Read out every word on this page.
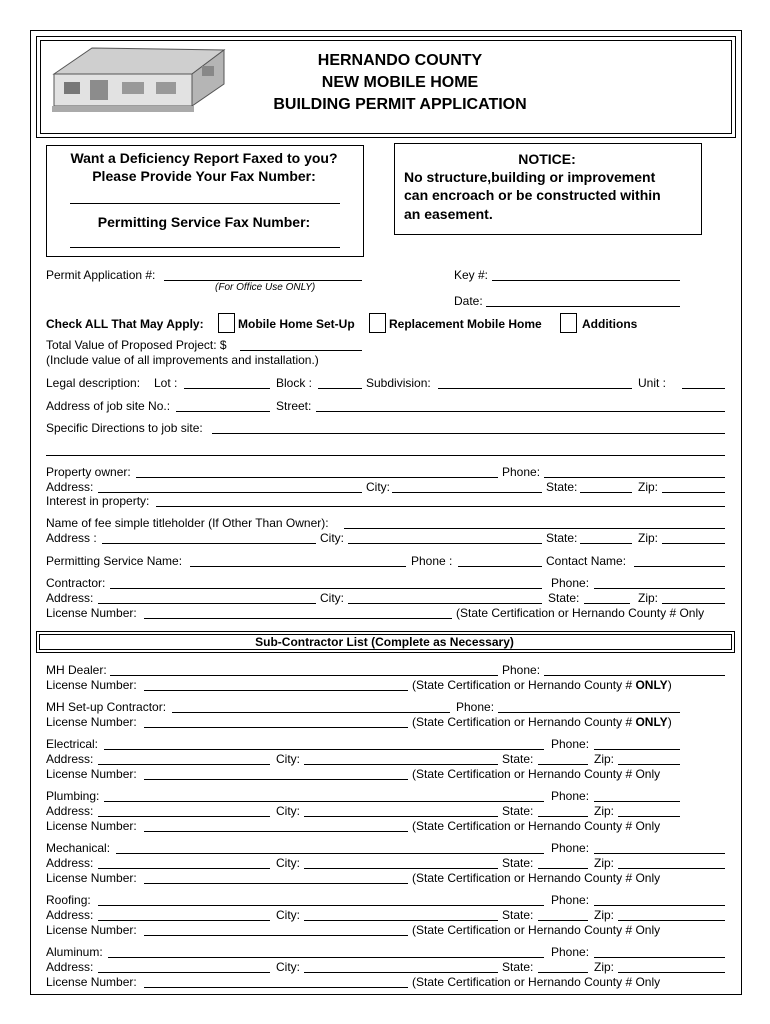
HERNANDO COUNTY
NEW MOBILE HOME
BUILDING PERMIT APPLICATION
Want a Deficiency Report Faxed to you?
Please Provide Your Fax Number:
Permitting Service Fax Number:
NOTICE:
No structure,building or improvement
can encroach or be constructed within
an easement.
Permit Application #:
(For Office Use ONLY)
Key #:
Date:
Check ALL That May Apply:	Mobile Home Set-Up	Replacement Mobile Home	Additions
Total Value of Proposed Project: $
(Include value of all improvements and installation.)
Legal description: Lot :	Block :	Subdivision:	Unit :
Address of job site No.:	Street:
Specific Directions to job site:
Property owner:	Phone:
Address:	City:	State:	Zip:
Interest in property:
Name of fee simple titleholder (If Other Than Owner):
Address :	City:	State:	Zip:
Permitting Service Name:	Phone :	Contact Name:
Contractor:	Phone:
Address:	City:	State:	Zip:
License Number:	(State Certification or Hernando County # Only
Sub-Contractor List (Complete as Necessary)
MH Dealer:	Phone:
License Number:	(State Certification or Hernando County # ONLY)
MH Set-up Contractor:	Phone:
License Number:	(State Certification or Hernando County # ONLY)
Electrical:	Phone:
Address:	City:	State:	Zip:
License Number:	(State Certification or Hernando County # Only
Plumbing:	Phone:
Address:	City:	State:	Zip:
License Number:	(State Certification or Hernando County # Only
Mechanical:	Phone:
Address:	City:	State:	Zip:
License Number:	(State Certification or Hernando County # Only
Roofing:	Phone:
Address:	City:	State:	Zip:
License Number:	(State Certification or Hernando County # Only
Aluminum:	Phone:
Address:	City:	State:	Zip:
License Number:	(State Certification or Hernando County # Only
